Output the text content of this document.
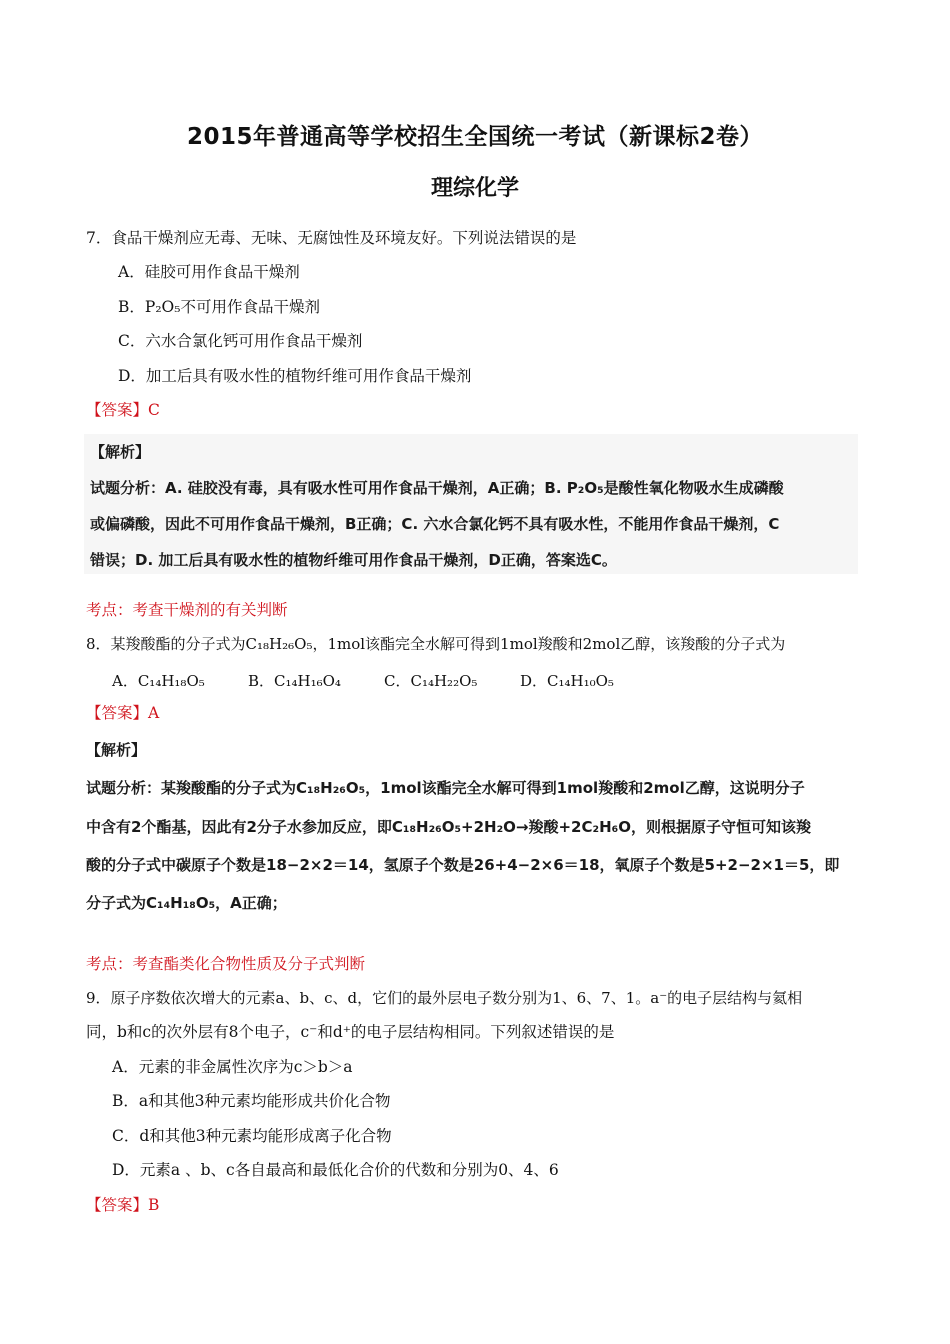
2015年普通高等学校招生全国统一考试（新课标2卷）
理综化学
7．食品干燥剂应无毒、无味、无腐蚀性及环境友好。下列说法错误的是
A．硅胶可用作食品干燥剂
B．P₂O₅不可用作食品干燥剂
C．六水合氯化钙可用作食品干燥剂
D．加工后具有吸水性的植物纤维可用作食品干燥剂
【答案】C
【解析】
试题分析：A. 硅胶没有毒，具有吸水性可用作食品干燥剂，A正确；B. P₂O₅是酸性氧化物吸水生成磷酸
或偏磷酸，因此不可用作食品干燥剂，B正确；C. 六水合氯化钙不具有吸水性，不能用作食品干燥剂，C
错误；D. 加工后具有吸水性的植物纤维可用作食品干燥剂，D正确，答案选C。
考点：考查干燥剂的有关判断
8．某羧酸酯的分子式为C₁₈H₂₆O₅，1mol该酯完全水解可得到1mol羧酸和2mol乙醇，该羧酸的分子式为
A．C₁₄H₁₈O₅	B．C₁₄H₁₆O₄	C．C₁₄H₂₂O₅	D．C₁₄H₁₀O₅
【答案】A
【解析】
试题分析：某羧酸酯的分子式为C₁₈H₂₆O₅，1mol该酯完全水解可得到1mol羧酸和2mol乙醇，这说明分子
中含有2个酯基，因此有2分子水参加反应，即C₁₈H₂₆O₅+2H₂O→羧酸+2C₂H₆O，则根据原子守恒可知该羧
酸的分子式中碳原子个数是18−2×2＝14，氢原子个数是26+4−2×6＝18，氧原子个数是5+2−2×1＝5，即
分子式为C₁₄H₁₈O₅，A正确；
考点：考查酯类化合物性质及分子式判断
9．原子序数依次增大的元素a、b、c、d，它们的最外层电子数分别为1、6、7、1。a⁻的电子层结构与氦相
同，b和c的次外层有8个电子，c⁻和d⁺的电子层结构相同。下列叙述错误的是
A．元素的非金属性次序为c＞b＞a
B．a和其他3种元素均能形成共价化合物
C．d和其他3种元素均能形成离子化合物
D．元素a 、b、c各自最高和最低化合价的代数和分别为0、4、6
【答案】B
